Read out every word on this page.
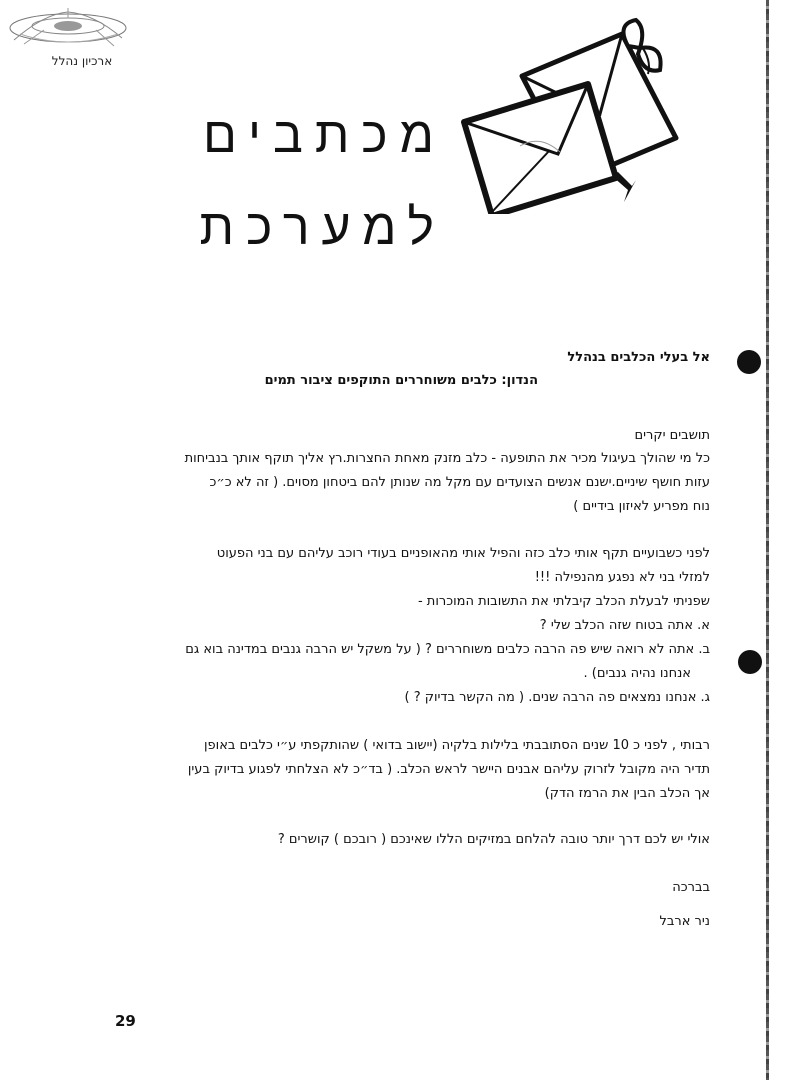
ארכיון נהלל
מכתבים
למערכת
אל בעלי הכלבים בנהלל
הנדון: כלבים משוחררים התוקפים ציבור תמים
תושבים יקרים
כל מי שהולך בעיגול מכיר את התופעה - כלב מזנק מאחת החצרות.רץ אליך תוקף אותך בנביחות
עזות חושף שיניים.ישנם אנשים הצועדים עם מקל מה שנותן להם ביטחון מסוים. ( זה לא כ״כ
נוח מפריע לאיזון בידיים )
לפני כשבועיים תקף אותי כלב כזה והפיל אותי מהאופניים בעודי רוכב עליהם עם בני הפעוט
למזלי בני לא נפגע מהנפילה !!!
שפניתי לבעלת הכלב קיבלתי את התשובות המוכרות -
א. אתה בטוח שזה הכלב שלי ?
ב. אתה לא רואה שיש פה הרבה כלבים משוחררים ? ( על משקל יש הרבה גנבים במדינה בוא גם
אנחנו נהיה גנבים) .
ג. אנחנו נמצאים פה הרבה שנים. ( מה הקשר בדיוק ? )
רבותי , לפני כ 10 שנים הסתובבתי בלילות בלקיה (יישוב בדואי ) שהותקפתי ע״י כלבים באופן
תדיר היה מקובל לזרוק עליהם אבנים היישר לראש הכלב. ( בד״כ לא הצלחתי לפגוע בדיוק בעין
אך הכלב הבין את הרמז הדק)
אולי יש לכם דרך יותר טובה להלחם במזיקים הללו שאינכם ( רובכם ) קושרים ?
בברכה
ניר ארבל
29
